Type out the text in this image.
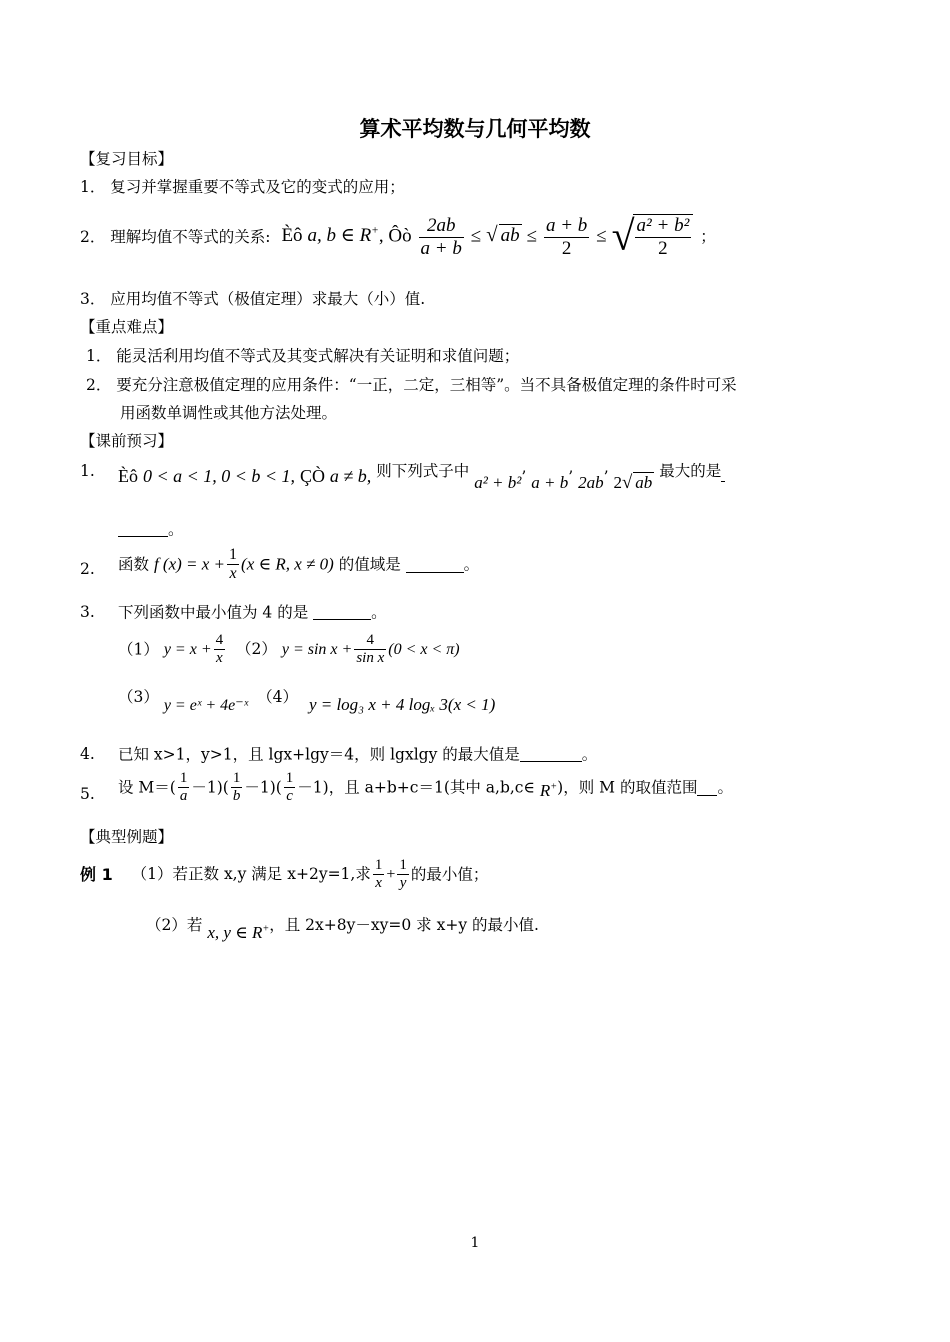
算术平均数与几何平均数
【复习目标】
1． 复习并掌握重要不等式及它的变式的应用；
2． 理解均值不等式的关系: Èô a, b ∈ R+, Ôò $\frac{2ab}{a + b}$ ≤ √ ab ≤ $\frac{a + b}{2}$ ≤ √
$\frac{\text{a² + b²}}{2}$ ；
3． 应用均值不等式（极值定理）求最大（小）值.
【重点难点】
1． 能灵活利用均值不等式及其变式解决有关证明和求值问题；
2． 要充分注意极值定理的应用条件：“一正，二定，三相等”。当不具备极值定理的条件时可采
用函数单调性或其他方法处理。
【课前预习】
1. Èô 0 < a < 1, 0 < b < 1, ÇÒ a ≠ b, 则下列式子中 a² + b²’ a + b’ 2ab’ 2√ ab 最大的是
。
2. 函数 f $(x) = x + \frac{1}{x} (x$ ∈ R, x ≠ 0) 的值域是	。
3. 下列函数中最小值为 4 的是	。
（1） $y = x + \frac{4}{x} (2) y = \sin x + \frac{4}{\text{sin x}} (0 < x < \pi)$
（3） y = eˣ + 4e⁻ˣ （4） y = log₃ x + 4 logₓ 3(x < 1)
4. 已知 x>1，y>1，且 lgx+lgy＝4，则 lgxlgy 的最大值是	。
5. 设 $M=( \frac{1}{a} -1)( \frac{1}{b} -1)( \frac{1}{c} -1)$，且 a+b+c＝1(其中 a,b,c∈ R+)，则 M 的取值范围 。
【典型例题】
例 1 （1）若正数 x,y 满足 x+2y=1,求 $\frac{1}{x} + \frac{1}{y}$ 的最小值；
（2）若 x, y ∈ R+，且 2x+8y－xy=0 求 x+y 的最小值.
1
